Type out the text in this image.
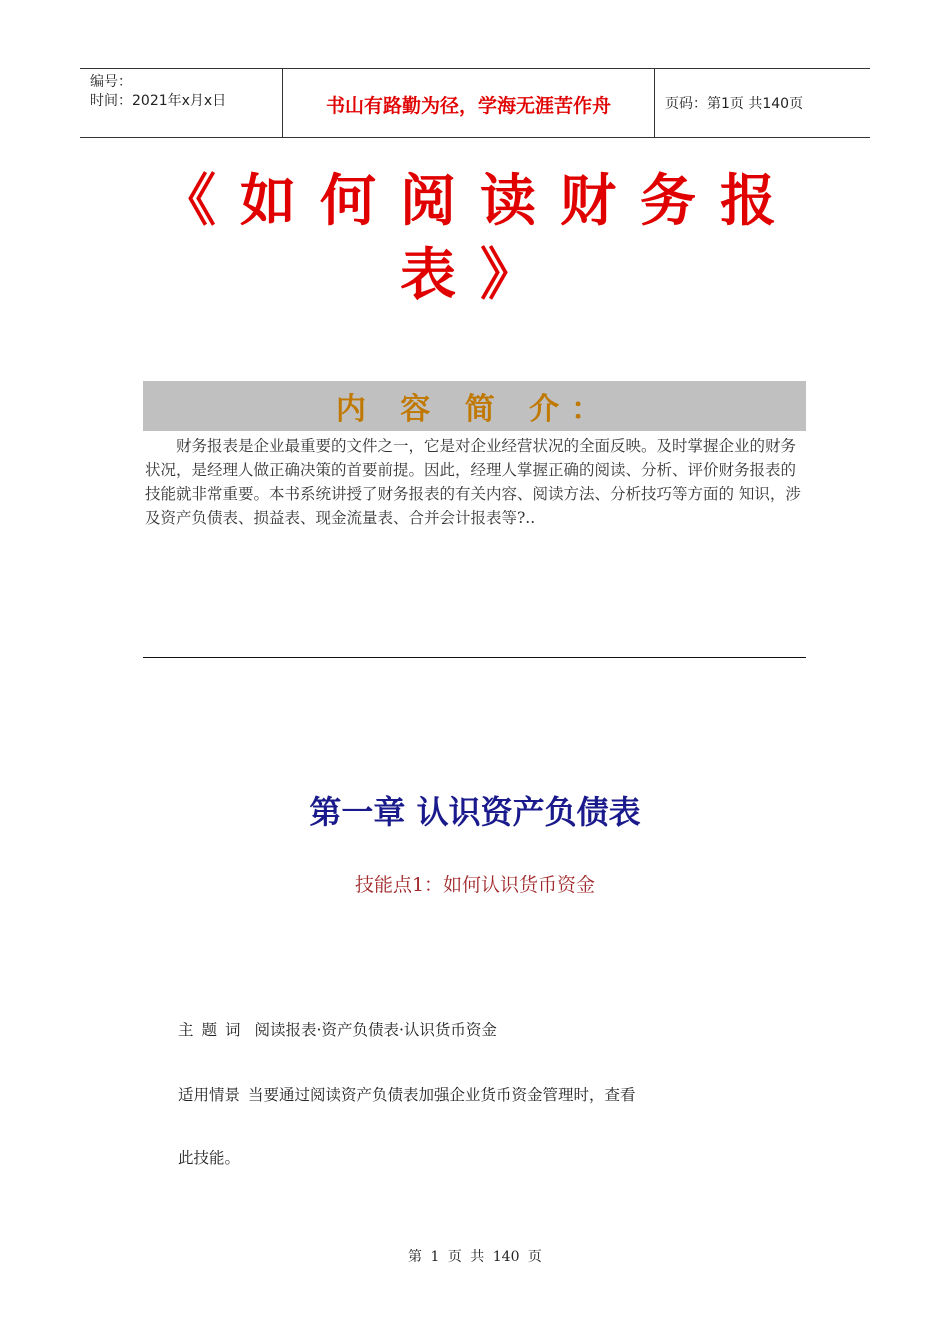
编号：
时间：2021年x月x日	书山有路勤为径，学海无涯苦作舟	页码：第1页 共140页
《如何阅读财务报
表》
内 容 简 介：
财务报表是企业最重要的文件之一，它是对企业经营状况的全面反映。及时掌握企业的财务状况，是经理人做正确决策的首要前提。因此，经理人掌握正确的阅读、分析、评价财务报表的技能就非常重要。本书系统讲授了财务报表的有关内容、阅读方法、分析技巧等方面的 知识，涉及资产负债表、损益表、现金流量表、合并会计报表等?..
第一章 认识资产负债表
技能点1：如何认识货币资金
主题词 阅读报表·资产负债表·认识货币资金
适用情景 当要通过阅读资产负债表加强企业货币资金管理时，查看
此技能。
第 1 页 共 140 页
